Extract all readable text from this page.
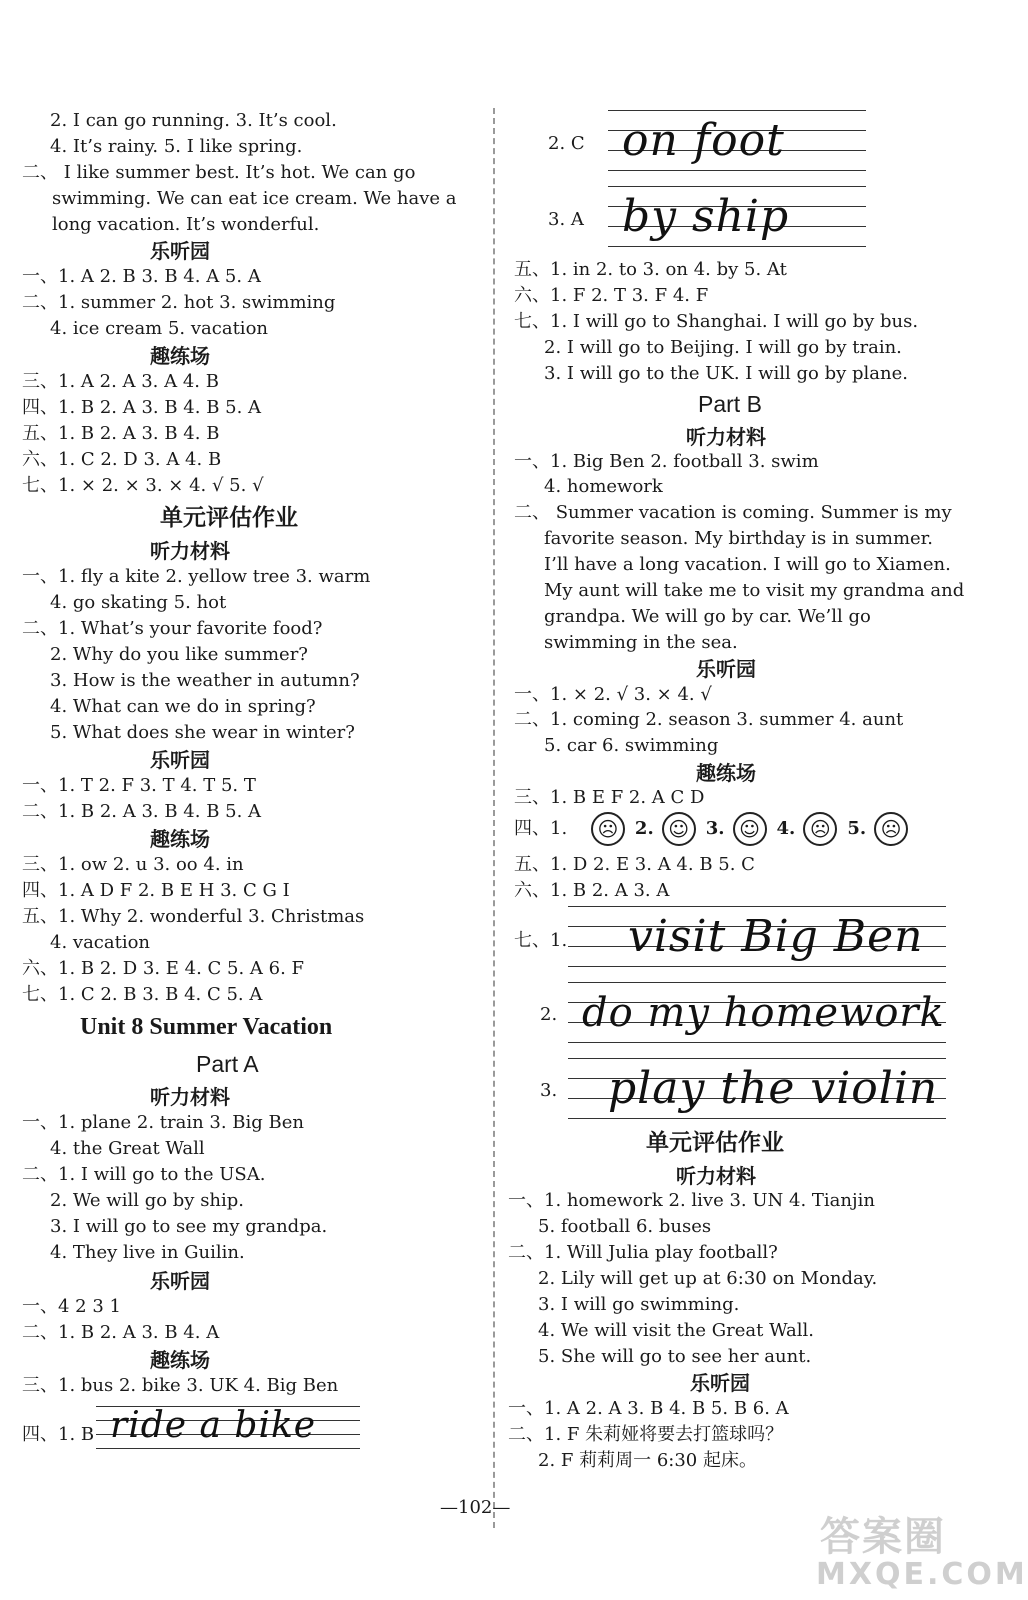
2. I can go running. 3. It’s cool.
4. It’s rainy. 5. I like spring.
二、 I like summer best. It’s hot. We can go
swimming. We can eat ice cream. We have a
long vacation. It’s wonderful.
乐听园
一、1. A 2. B 3. B 4. A 5. A
二、1. summer 2. hot 3. swimming
4. ice cream 5. vacation
趣练场
三、1. A 2. A 3. A 4. B
四、1. B 2. A 3. B 4. B 5. A
五、1. B 2. A 3. B 4. B
六、1. C 2. D 3. A 4. B
七、1. × 2. × 3. × 4. √ 5. √
单元评估作业
听力材料
一、1. fly a kite 2. yellow tree 3. warm
4. go skating 5. hot
二、1. What’s your favorite food?
2. Why do you like summer?
3. How is the weather in autumn?
4. What can we do in spring?
5. What does she wear in winter?
乐听园
一、1. T 2. F 3. T 4. T 5. T
二、1. B 2. A 3. B 4. B 5. A
趣练场
三、1. ow 2. u 3. oo 4. in
四、1. A D F 2. B E H 3. C G I
五、1. Why 2. wonderful 3. Christmas
4. vacation
六、1. B 2. D 3. E 4. C 5. A 6. F
七、1. C 2. B 3. B 4. C 5. A
Unit 8 Summer Vacation
Part A
听力材料
一、1. plane 2. train 3. Big Ben
4. the Great Wall
二、1. I will go to the USA.
2. We will go by ship.
3. I will go to see my grandpa.
4. They live in Guilin.
乐听园
一、4 2 3 1
二、1. B 2. A 3. B 4. A
趣练场
三、1. bus 2. bike 3. UK 4. Big Ben
四、1. B
2. C
3. A
五、1. in 2. to 3. on 4. by 5. At
六、1. F 2. T 3. F 4. F
七、1. I will go to Shanghai. I will go by bus.
2. I will go to Beijing. I will go by train.
3. I will go to the UK. I will go by plane.
Part B
听力材料
一、1. Big Ben 2. football 3. swim
4. homework
二、 Summer vacation is coming. Summer is my
favorite season. My birthday is in summer.
I’ll have a long vacation. I will go to Xiamen.
My aunt will take me to visit my grandma and
grandpa. We will go by car. We’ll go
swimming in the sea.
乐听园
一、1. × 2. √ 3. × 4. √
二、1. coming 2. season 3. summer 4. aunt
5. car 6. swimming
趣练场
三、1. B E F 2. A C D
五、1. D 2. E 3. A 4. B 5. C
六、1. B 2. A 3. A
七、1.
2.
3.
单元评估作业
听力材料
一、1. homework 2. live 3. UN 4. Tianjin
5. football 6. buses
二、1. Will Julia play football?
2. Lily will get up at 6:30 on Monday.
3. I will go swimming.
4. We will visit the Great Wall.
5. She will go to see her aunt.
乐听园
一、1. A 2. A 3. B 4. B 5. B 6. A
二、1. F 朱莉娅将要去打篮球吗？
2. F 莉莉周一 6:30 起床。
ride a bike
on foot
by ship
四、1. ☹ 2. ☺ 3. ☺ 4. ☹ 5. ☹
visit Big Ben
do my homework
play the violin
—102—
答案圈
MXQE.COM
